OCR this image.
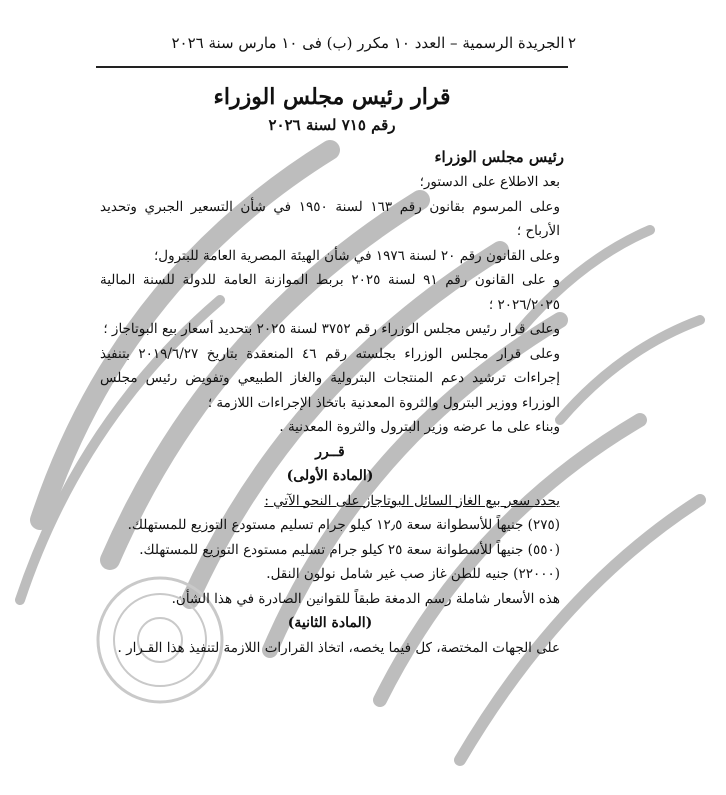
٢
الجريدة الرسمية – العدد ١٠ مكرر (ب) فى ١٠ مارس سنة ٢٠٢٦
قرار رئيس مجلس الوزراء
رقم ٧١٥ لسنة ٢٠٢٦
رئيس مجلس الوزراء

بعد الاطلاع على الدستور؛

وعلى المرسوم بقانون رقم ١٦٣ لسنة ١٩٥٠ في شأن التسعير الجبري وتحديد الأرباح ؛

وعلى القانون رقم ٢٠ لسنة ١٩٧٦ في شأن الهيئة المصرية العامة للبترول؛

و على القانون رقم ٩١ لسنة ٢٠٢٥ بربط الموازنة العامة للدولة للسنة المالية ٢٠٢٦/٢٠٢٥ ؛

وعلى قرار رئيس مجلس الوزراء رقم ٣٧٥٢ لسنة ٢٠٢٥ بتحديد أسعار بيع البوتاجاز ؛

وعلى قرار مجلس الوزراء بجلسته رقم ٤٦ المنعقدة بتاريخ ٢٠١٩/٦/٢٧ بتنفيذ إجراءات ترشيد دعم المنتجات البترولية والغاز الطبيعي وتفويض رئيس مجلس الوزراء ووزير البترول والثروة المعدنية باتخاذ الإجراءات اللازمة ؛

وبناء على ما عرضه وزير البترول والثروة المعدنية .

قــرر

(المادة الأولى)

يحدد سعر بيع الغاز السائل البوتاجاز على النحو الآتي :

(٢٧٥) جنيهاً للأسطوانة سعة ١٢٫٥ كيلو جرام تسليم مستودع التوزيع للمستهلك.

(٥٥٠) جنيهاً للأسطوانة سعة ٢٥ كيلو جرام تسليم مستودع التوزيع للمستهلك.

(٢٢٠٠٠) جنيه للطن غاز صب غير شامل نولون النقل.

هذه الأسعار شاملة رسم الدمغة طبقاً للقوانين الصادرة في هذا الشأن.

(المادة الثانية)

على الجهات المختصة، كل فيما يخصه، اتخاذ القرارات اللازمة لتنفيذ هذا القـرار .
